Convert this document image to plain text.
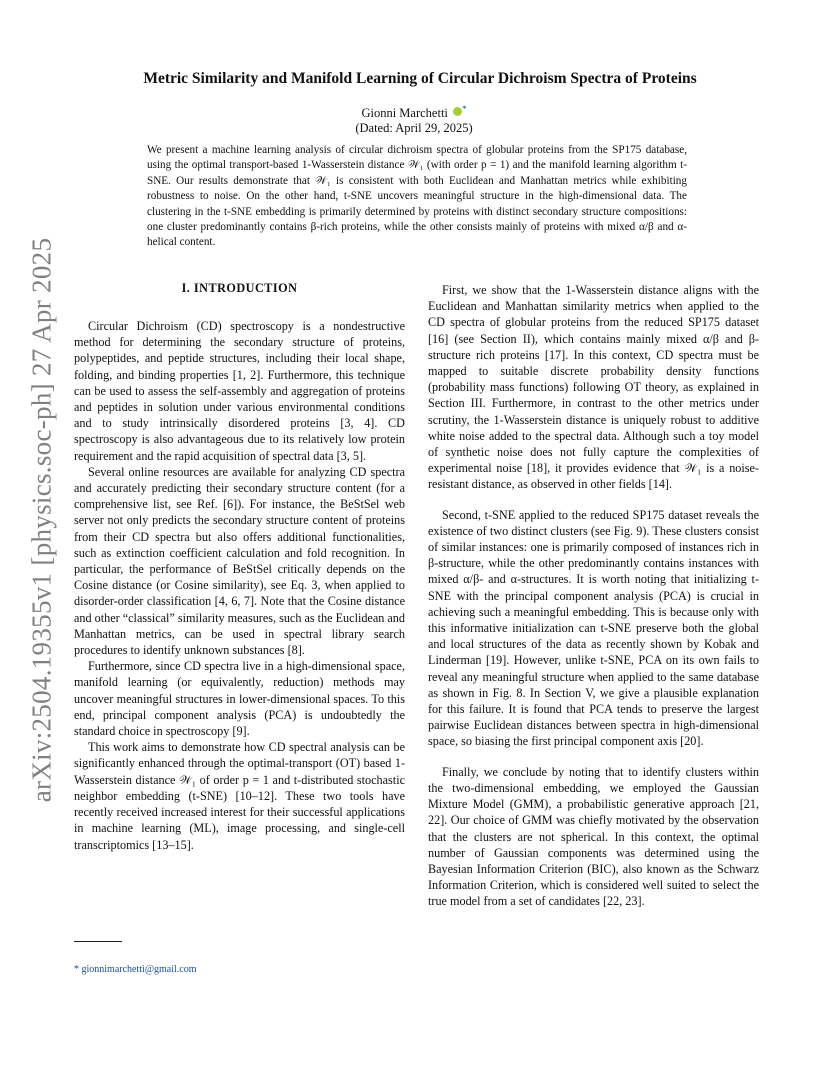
arXiv:2504.19355v1 [physics.soc-ph] 27 Apr 2025
Metric Similarity and Manifold Learning of Circular Dichroism Spectra of Proteins
Gionni Marchetti *
(Dated: April 29, 2025)
We present a machine learning analysis of circular dichroism spectra of globular proteins from the SP175 database, using the optimal transport-based 1-Wasserstein distance 𝒲₁ (with order p = 1) and the manifold learning algorithm t-SNE. Our results demonstrate that 𝒲₁ is consistent with both Euclidean and Manhattan metrics while exhibiting robustness to noise. On the other hand, t-SNE uncovers meaningful structure in the high-dimensional data. The clustering in the t-SNE embedding is primarily determined by proteins with distinct secondary structure compositions: one cluster predominantly contains β-rich proteins, while the other consists mainly of proteins with mixed α/β and α-helical content.
I. INTRODUCTION

Circular Dichroism (CD) spectroscopy is a nondestructive method for determining the secondary structure of proteins, polypeptides, and peptide structures, including their local shape, folding, and binding properties [1, 2]. Furthermore, this technique can be used to assess the self-assembly and aggregation of proteins and peptides in solution under various environmental conditions and to study intrinsically disordered proteins [3, 4]. CD spectroscopy is also advantageous due to its relatively low protein requirement and the rapid acquisition of spectral data [3, 5].

Several online resources are available for analyzing CD spectra and accurately predicting their secondary structure content (for a comprehensive list, see Ref. [6]). For instance, the BeStSel web server not only predicts the secondary structure content of proteins from their CD spectra but also offers additional functionalities, such as extinction coefficient calculation and fold recognition. In particular, the performance of BeStSel critically depends on the Cosine distance (or Cosine similarity), see Eq. 3, when applied to disorder-order classification [4, 6, 7]. Note that the Cosine distance and other “classical” similarity measures, such as the Euclidean and Manhattan metrics, can be used in spectral library search procedures to identify unknown substances [8].

Furthermore, since CD spectra live in a high-dimensional space, manifold learning (or equivalently, reduction) methods may uncover meaningful structures in lower-dimensional spaces. To this end, principal component analysis (PCA) is undoubtedly the standard choice in spectroscopy [9].

This work aims to demonstrate how CD spectral analysis can be significantly enhanced through the optimal-transport (OT) based 1-Wasserstein distance 𝒲₁ of order p = 1 and t-distributed stochastic neighbor embedding (t-SNE) [10–12]. These two tools have recently received increased interest for their successful applications in machine learning (ML), image processing, and single-cell transcriptomics [13–15].

First, we show that the 1-Wasserstein distance aligns with the Euclidean and Manhattan similarity metrics when applied to the CD spectra of globular proteins from the reduced SP175 dataset [16] (see Section II), which contains mainly mixed α/β and β-structure rich proteins [17]. In this context, CD spectra must be mapped to suitable discrete probability density functions (probability mass functions) following OT theory, as explained in Section III. Furthermore, in contrast to the other metrics under scrutiny, the 1-Wasserstein distance is uniquely robust to additive white noise added to the spectral data. Although such a toy model of synthetic noise does not fully capture the complexities of experimental noise [18], it provides evidence that 𝒲₁ is a noise-resistant distance, as observed in other fields [14].

Second, t-SNE applied to the reduced SP175 dataset reveals the existence of two distinct clusters (see Fig. 9). These clusters consist of similar instances: one is primarily composed of instances rich in β-structure, while the other predominantly contains instances with mixed α/β- and α-structures. It is worth noting that initializing t-SNE with the principal component analysis (PCA) is crucial in achieving such a meaningful embedding. This is because only with this informative initialization can t-SNE preserve both the global and local structures of the data as recently shown by Kobak and Linderman [19]. However, unlike t-SNE, PCA on its own fails to reveal any meaningful structure when applied to the same database as shown in Fig. 8. In Section V, we give a plausible explanation for this failure. It is found that PCA tends to preserve the largest pairwise Euclidean distances between spectra in high-dimensional space, so biasing the first principal component axis [20].

Finally, we conclude by noting that to identify clusters within the two-dimensional embedding, we employed the Gaussian Mixture Model (GMM), a probabilistic generative approach [21, 22]. Our choice of GMM was chiefly motivated by the observation that the clusters are not spherical. In this context, the optimal number of Gaussian components was determined using the Bayesian Information Criterion (BIC), also known as the Schwarz Information Criterion, which is considered well suited to select the true model from a set of candidates [22, 23].

* gionnimarchetti@gmail.com
